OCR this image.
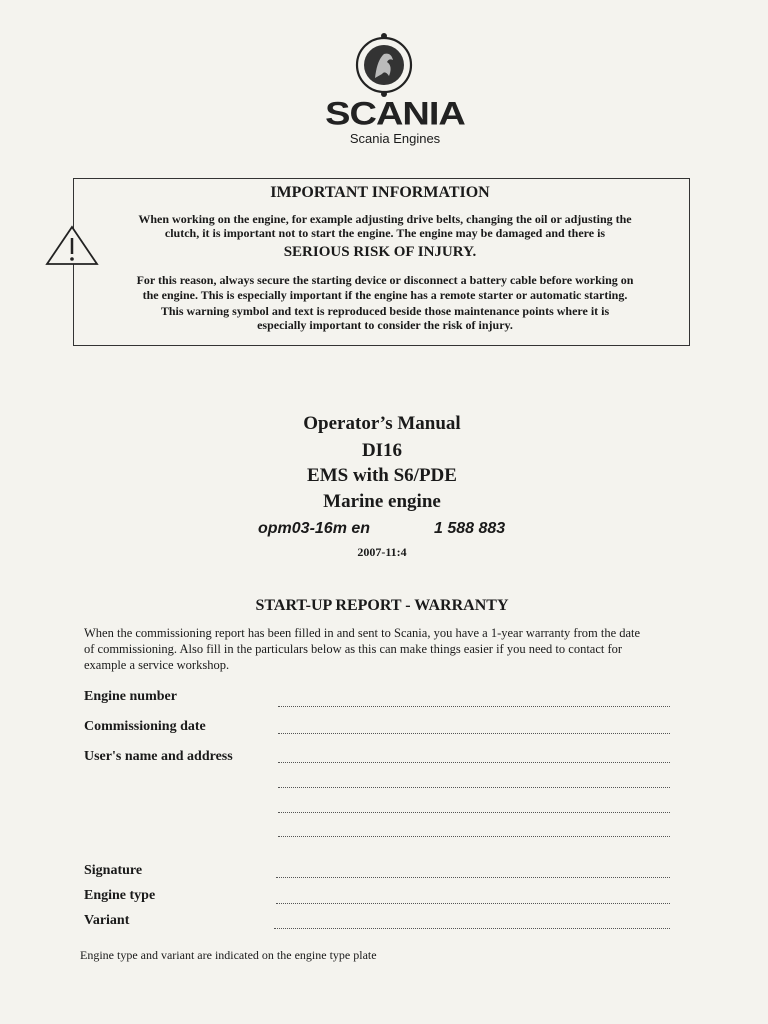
SCANIA
Scania Engines
IMPORTANT INFORMATION
When working on the engine, for example adjusting drive belts, changing the oil or adjusting the
clutch, it is important not to start the engine. The engine may be damaged and there is
SERIOUS RISK OF INJURY.
For this reason, always secure the starting device or disconnect a battery cable before working on
the engine. This is especially important if the engine has a remote starter or automatic starting.
This warning symbol and text is reproduced beside those maintenance points where it is
especially important to consider the risk of injury.
Operator’s Manual
DI16
EMS with S6/PDE
Marine engine
opm03-16m en	1 588 883
2007-11:4
START-UP REPORT - WARRANTY
When the commissioning report has been filled in and sent to Scania, you have a 1-year warranty from the date
of commissioning. Also fill in the particulars below as this can make things easier if you need to contact for
example a service workshop.
Engine number
Commissioning date
User's name and address
Signature
Engine type
Variant
Engine type and variant are indicated on the engine type plate
